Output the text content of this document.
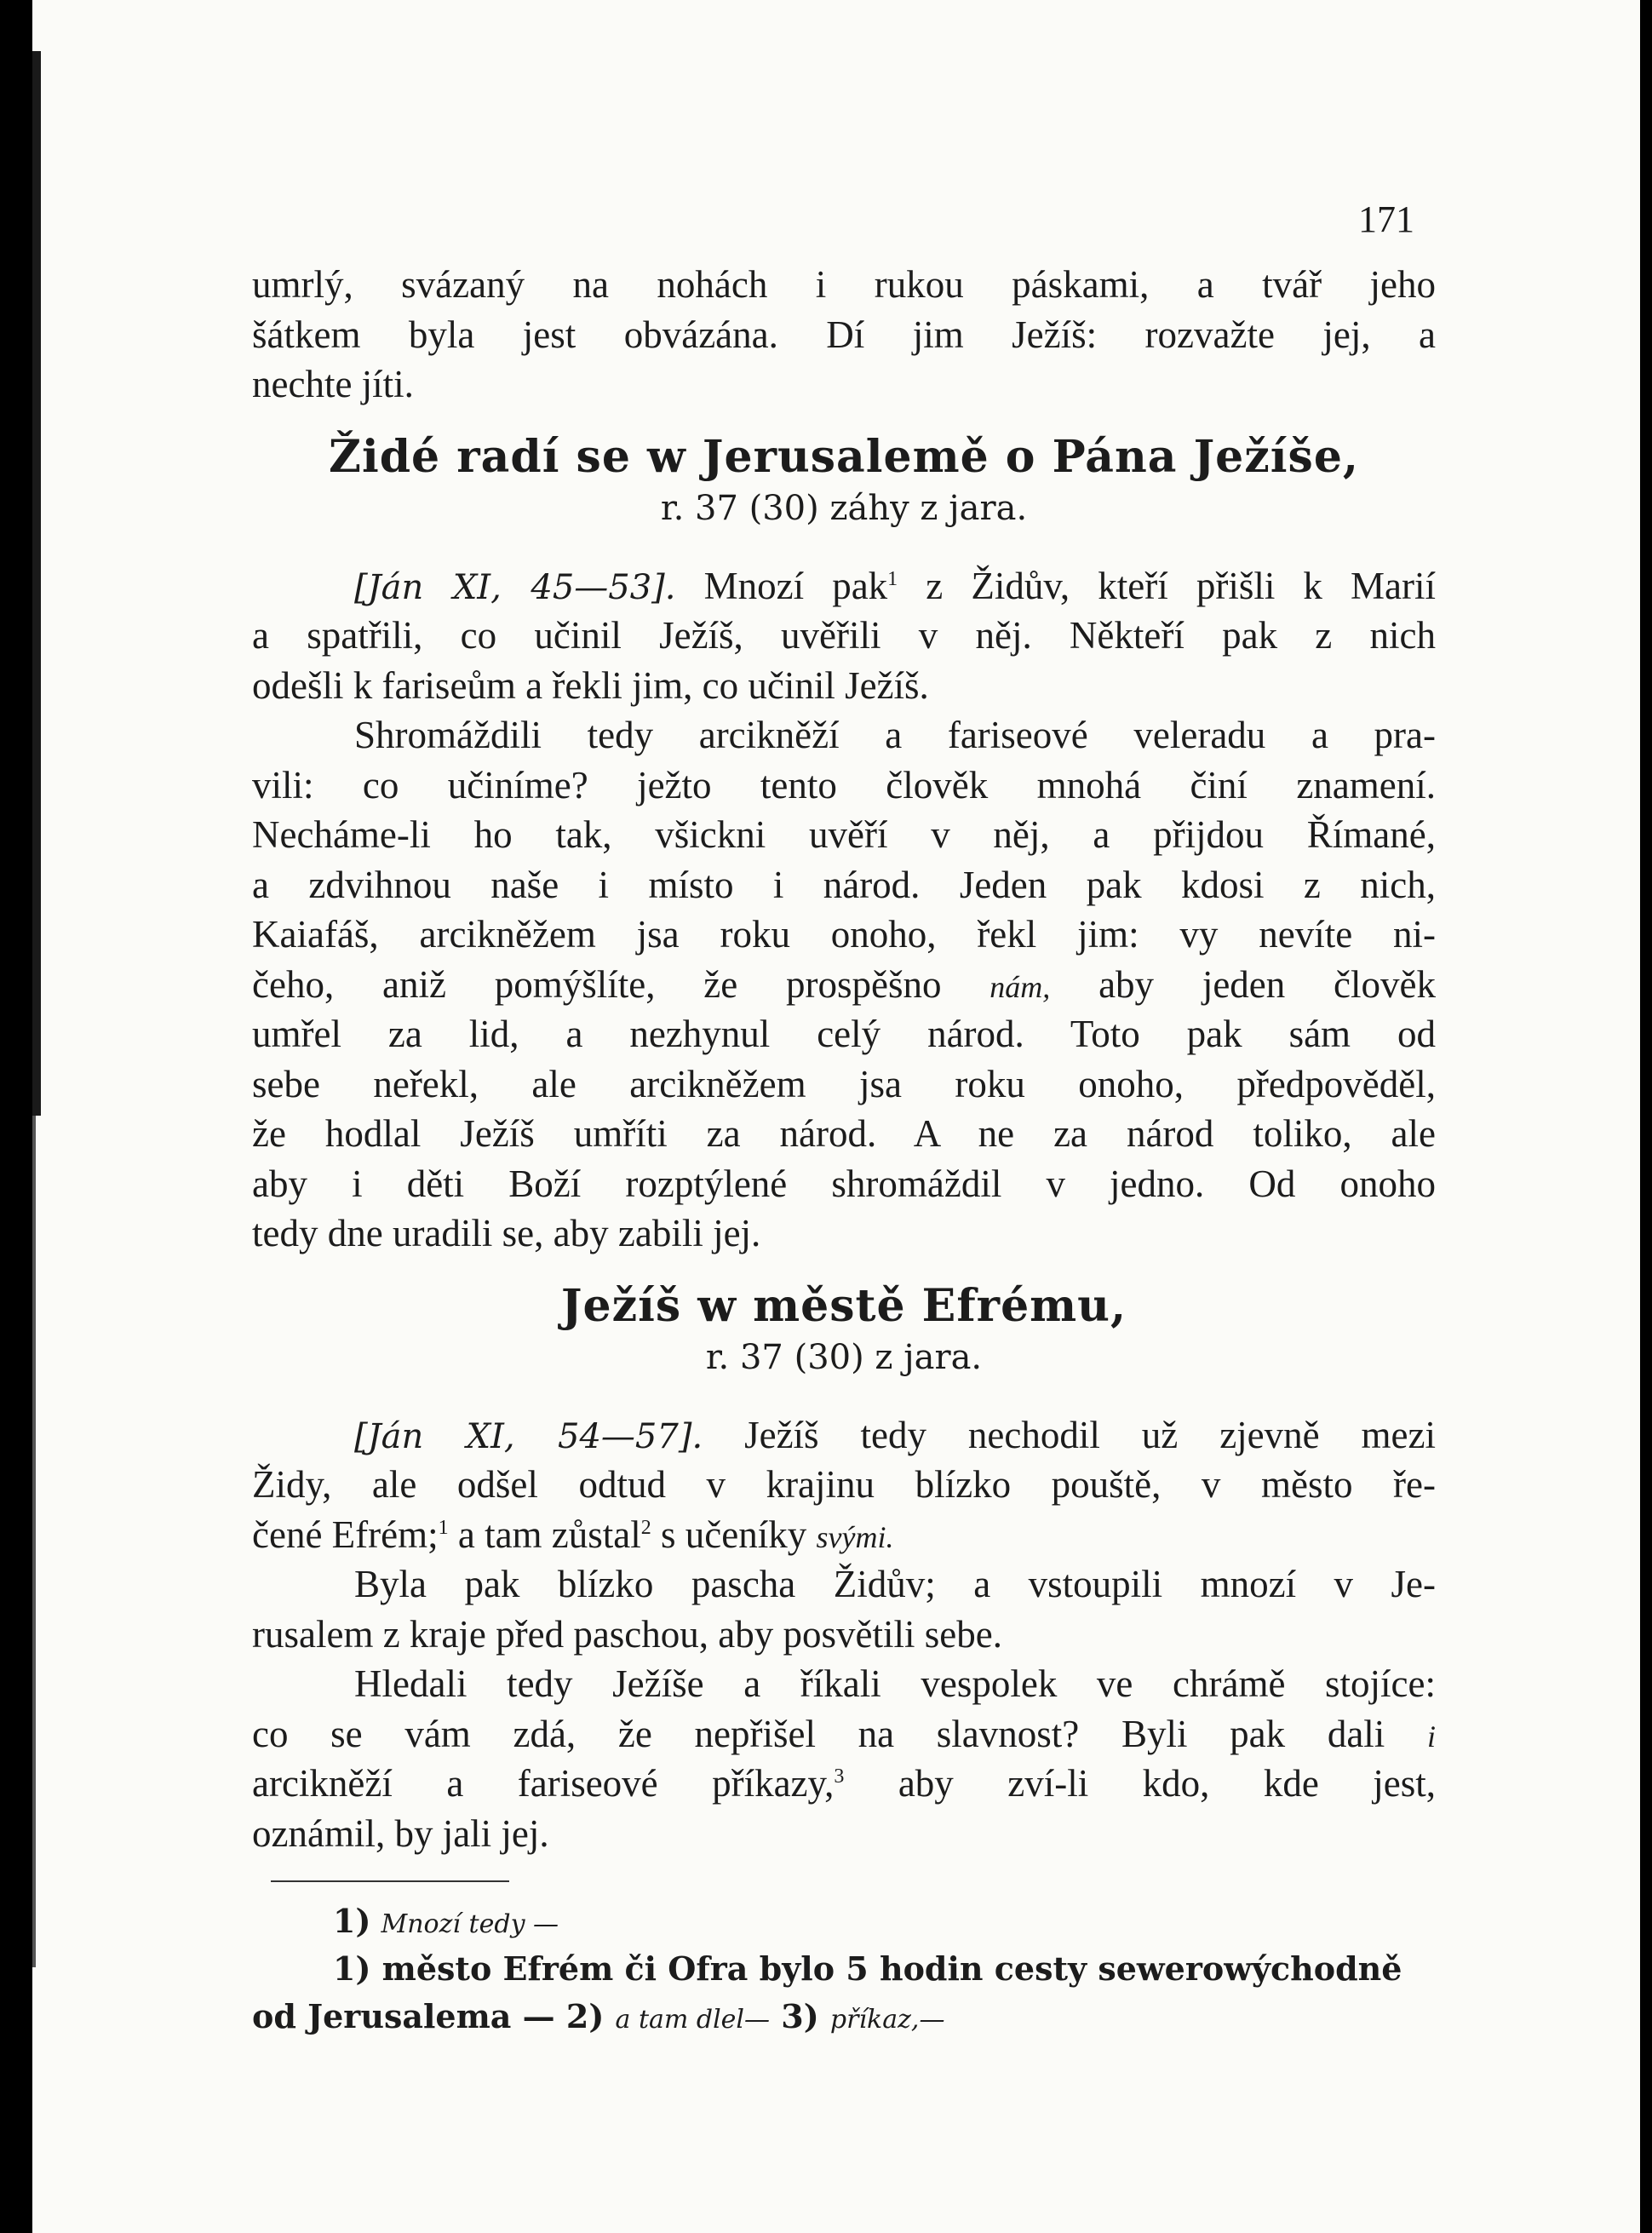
171
umrlý, svázaný na nohách i rukou páskami, a tvář jeho
šátkem byla jest obvázána. Dí jim Ježíš: rozvažte jej, a
nechte jíti.
Židé radí se w Jerusalemě o Pána Ježíše,
r. 37 (30) záhy z jara.
[Ján XI, 45—53]. Mnozí pak$^1$ z Židův, kteří přišli k Marií
a spatřili, co učinil Ježíš, uvěřili v něj. Někteří pak z nich
odešli k fariseům a řekli jim, co učinil Ježíš.
Shromáždili tedy arcikněží a fariseové veleradu a pra-
vili: co učiníme? ježto tento člověk mnohá činí znamení.
Necháme-li ho tak, všickni uvěří v něj, a přijdou Římané,
a zdvihnou naše i místo i národ. Jeden pak kdosi z nich,
Kaiafáš, arcikněžem jsa roku onoho, řekl jim: vy nevíte ni-
čeho, aniž pomýšlíte, že prospěšno nám, aby jeden člověk
umřel za lid, a nezhynul celý národ. Toto pak sám od
sebe neřekl, ale arcikněžem jsa roku onoho, předpověděl,
že hodlal Ježíš umříti za národ. A ne za národ toliko, ale
aby i děti Boží rozptýlené shromáždil v jedno. Od onoho
tedy dne uradili se, aby zabili jej.
Ježíš w městě Efrému,
r. 37 (30) z jara.
[Ján XI, 54—57]. Ježíš tedy nechodil už zjevně mezi
Židy, ale odšel odtud v krajinu blízko pouště, v město ře-
čené Efrém;$^1$ a tam zůstal$^2$ s učeníky svými.
Byla pak blízko pascha Židův; a vstoupili mnozí v Je-
rusalem z kraje před paschou, aby posvětili sebe.
Hledali tedy Ježíše a říkali vespolek ve chrámě stojíce:
co se vám zdá, že nepřišel na slavnost? Byli pak dali i
arcikněží a fariseové příkazy,$^3$ aby zví-li kdo, kde jest,
oznámil, by jali jej.
1) Mnozí tedy —
1) město Efrém či Ofra bylo 5 hodin cesty sewerowýchodně
od Jerusalema — 2) a tam dlel— 3) příkaz,—
